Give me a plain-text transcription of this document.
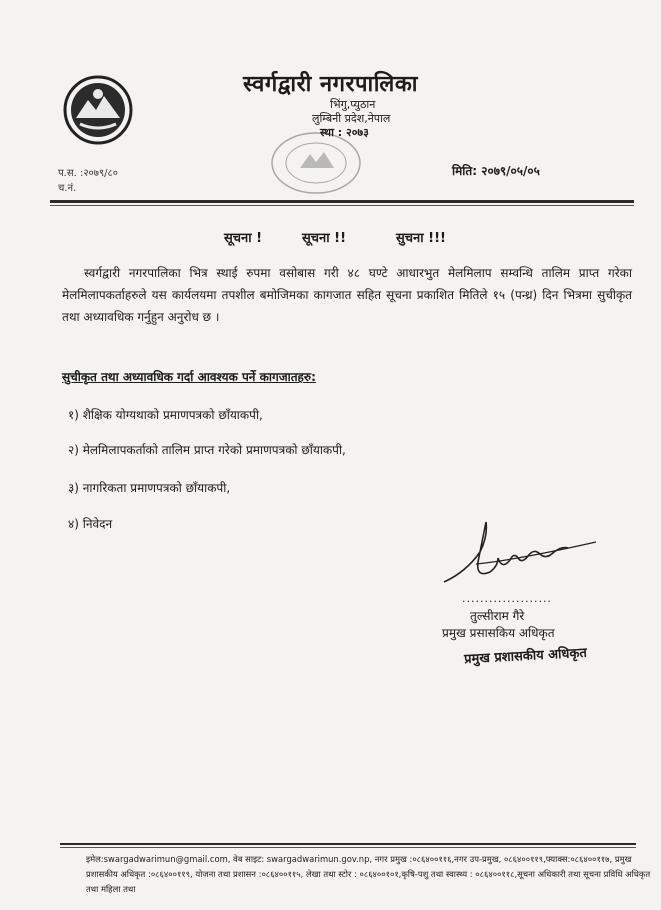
स्वर्गद्वारी नगरपालिका
भिंगु,प्युठान
लुम्बिनी प्रदेश,नेपाल
स्था : २०७३
प.स. :२०७९/८०
च.नं.
मिति: २०७९/०५/०५
सूचना !	सूचना !!	सुचना !!!
स्वर्गद्वारी नगरपालिका भित्र स्थाई रुपमा वसोबास गरी ४८ घण्टे आधारभुत मेलमिलाप सम्वन्धि तालिम प्राप्त गरेका मेलमिलापकर्ताहरुले यस कार्यलयमा तपशील बमोजिमका कागजात सहित सूचना प्रकाशित मितिले १५ (पन्ध्र) दिन भित्रमा सुचीकृत तथा अध्यावधिक गर्नुहुन अनुरोध छ ।
सुचीकृत तथा अध्यावधिक गर्दा आवश्यक पर्ने कागजातहरु:
१) शैक्षिक योग्यथाको प्रमाणपत्रको छाँयाकपी,
२) मेलमिलापकर्ताको तालिम प्राप्त गरेको प्रमाणपत्रको छाँयाकपी,
३) नागरिकता प्रमाणपत्रको छाँयाकपी,
४) निवेदन
....................
तुल्सीराम गैरे
प्रमुख प्रसासकिय अधिकृत
प्रमुख प्रशासकीय अधिकृत
इमेल:swargadwarimun@gmail.com, वेब साइट: swargadwarimun.gov.np, नगर प्रमुख :०८६४००११६,नगर उप-प्रमुख, ०८६४००११९,फ्याक्स:०८६४००११७, प्रमुख प्रशासकीय अधिकृत :०८६४००११९, योजना तथा प्रशासन :०८६४००११५, लेखा तथा स्टोर : ०८६४००१०१,कृषि-पशु तथा स्वास्थ्य : ०८६४००११८,सूचना अधिकारी तथा सूचना प्रविधि अधिकृत तथा महिला तथा
